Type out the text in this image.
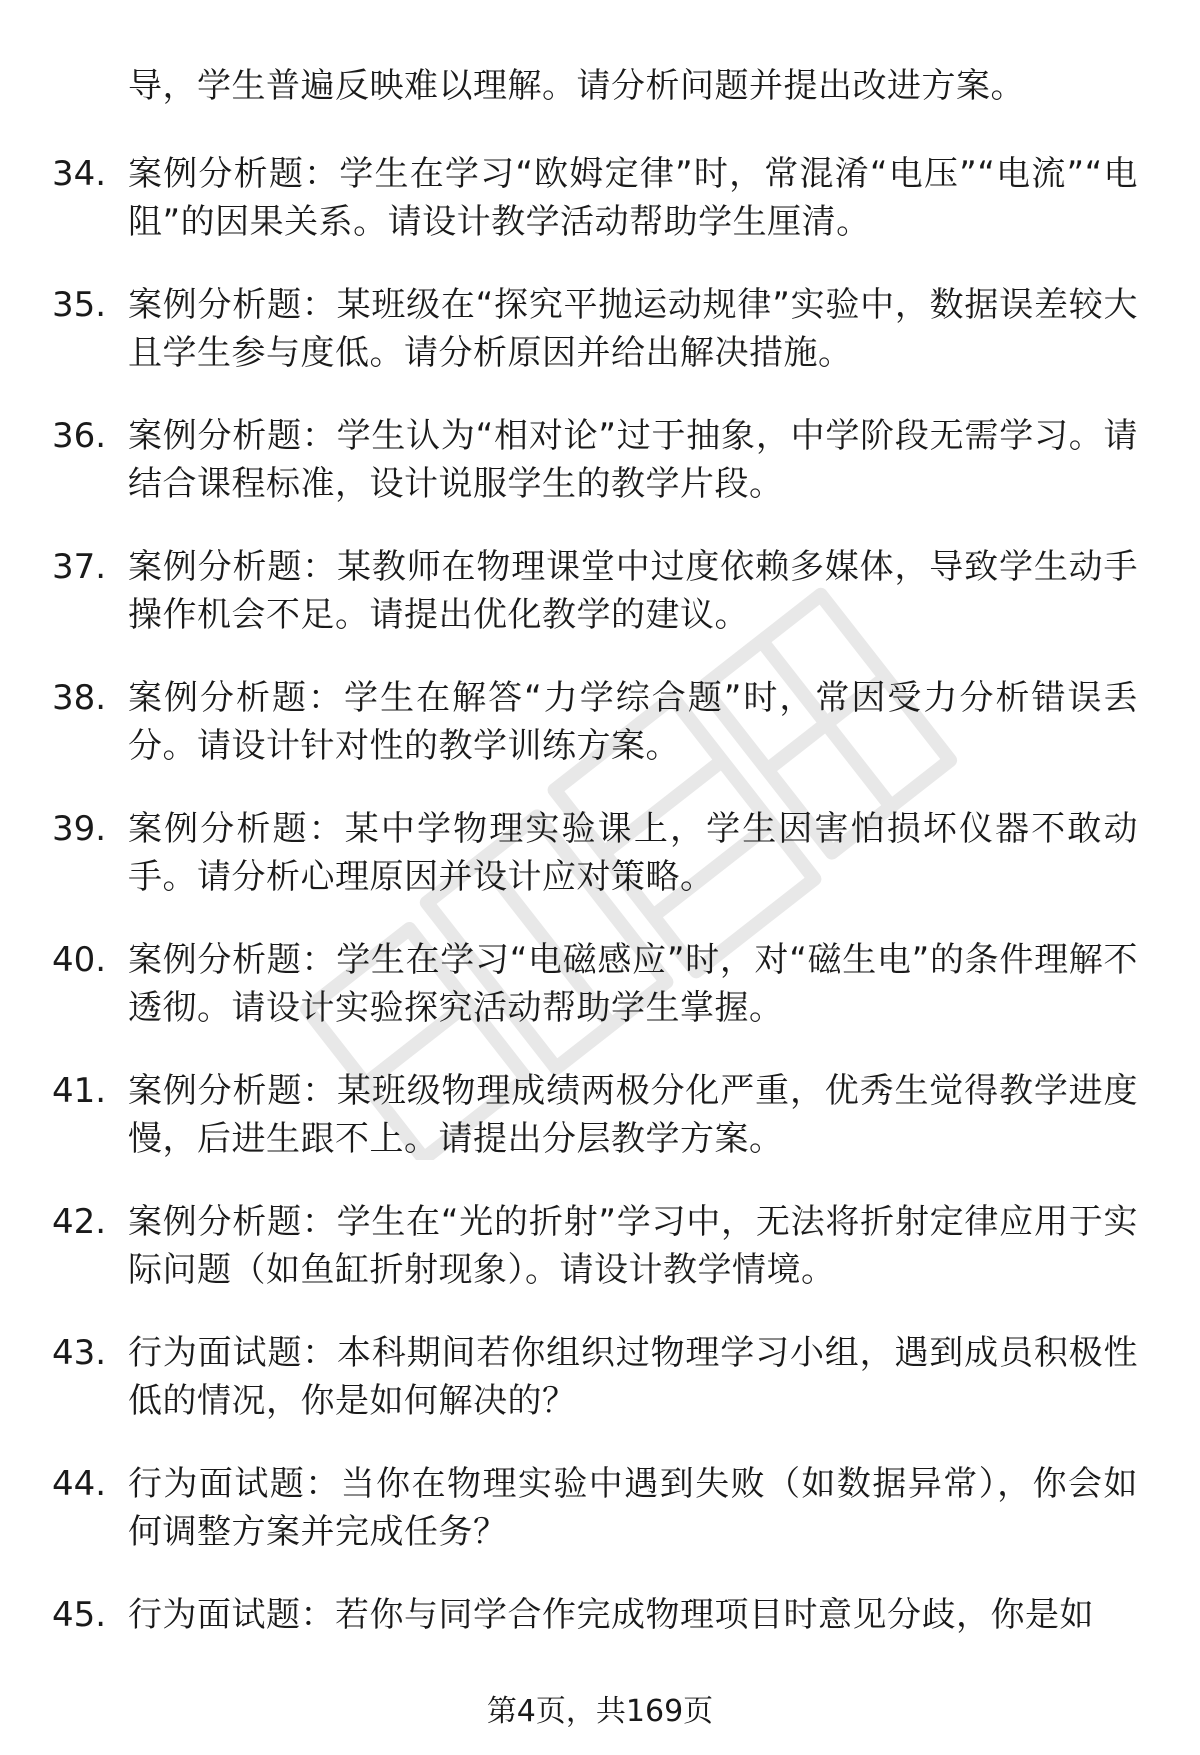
导，学生普遍反映难以理解。请分析问题并提出改进方案。

34. 案例分析题：学生在学习“欧姆定律”时，常混淆“电压”“电流”“电阻”的因果关系。请设计教学活动帮助学生厘清。
35. 案例分析题：某班级在“探究平抛运动规律”实验中，数据误差较大且学生参与度低。请分析原因并给出解决措施。
36. 案例分析题：学生认为“相对论”过于抽象，中学阶段无需学习。请结合课程标准，设计说服学生的教学片段。
37. 案例分析题：某教师在物理课堂中过度依赖多媒体，导致学生动手操作机会不足。请提出优化教学的建议。
38. 案例分析题：学生在解答“力学综合题”时，常因受力分析错误丢分。请设计针对性的教学训练方案。
39. 案例分析题：某中学物理实验课上，学生因害怕损坏仪器不敢动手。请分析心理原因并设计应对策略。
40. 案例分析题：学生在学习“电磁感应”时，对“磁生电”的条件理解不透彻。请设计实验探究活动帮助学生掌握。
41. 案例分析题：某班级物理成绩两极分化严重，优秀生觉得教学进度慢，后进生跟不上。请提出分层教学方案。
42. 案例分析题：学生在“光的折射”学习中，无法将折射定律应用于实际问题（如鱼缸折射现象）。请设计教学情境。
43. 行为面试题：本科期间若你组织过物理学习小组，遇到成员积极性低的情况，你是如何解决的？
44. 行为面试题：当你在物理实验中遇到失败（如数据异常），你会如何调整方案并完成任务？
45. 行为面试题：若你与同学合作完成物理项目时意见分歧，你是如
第4页，共169页
